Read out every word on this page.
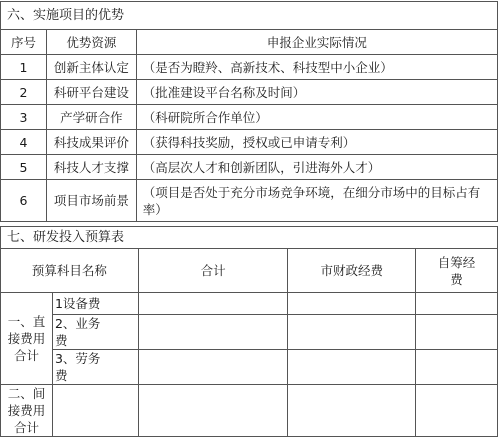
六、实施项目的优势		
序号	优势资源	申报企业实际情况
1	创新主体认定	（是否为瞪羚、高新技术、科技型中小企业）
2	科研平台建设	（批准建设平台名称及时间）
3	产学研合作	（科研院所合作单位）
4	科技成果评价	（获得科技奖励，授权或已申请专利）
5	科技人才支撑	（高层次人才和创新团队，引进海外人才）
6	项目市场前景	（项目是否处于充分市场竞争环境，在细分市场中的目标占有率）
七、研发投入预算表				
预算科目名称		合计	市财政经费	自筹经费
一、直接费用合计	1设备费			
	2、业务费			
	3、劳务费			
二、间接费用合计				
